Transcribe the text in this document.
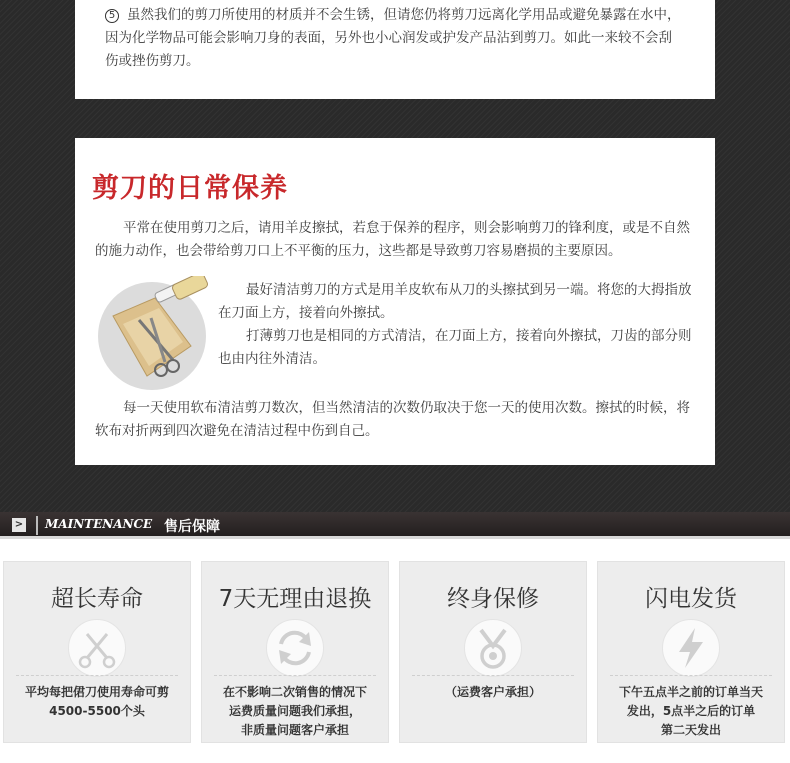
5 虽然我们的剪刀所使用的材质并不会生锈，但请您仍将剪刀远离化学用品或避免暴露在水中，因为化学物品可能会影响刀身的表面，另外也小心润发或护发产品沾到剪刀。如此一来较不会刮伤或挫伤剪刀。
剪刀的日常保养
平常在使用剪刀之后，请用羊皮擦拭，若怠于保养的程序，则会影响剪刀的锋利度，或是不自然的施力动作，也会带给剪刀口上不平衡的压力，这些都是导致剪刀容易磨损的主要原因。
最好清洁剪刀的方式是用羊皮软布从刀的头擦拭到另一端。将您的大拇指放在刀面上方，接着向外擦拭。
打薄剪刀也是相同的方式清洁，在刀面上方，接着向外擦拭，刀齿的部分则也由内往外清洁。
每一天使用软布清洁剪刀数次，但当然清洁的次数仍取决于您一天的使用次数。擦拭的时候，将软布对折两到四次避免在清洁过程中伤到自己。
> MAINTENANCE 售后保障
超长寿命
平均每把侰刀使用寿命可剪
4500-5500个头
7天无理由退换
在不影响二次销售的情况下
运费质量问题我们承担，
非质量问题客户承担
终身保修
（运费客户承担）
闪电发货
下午五点半之前的订单当天
发出，5点半之后的订单
第二天发出
